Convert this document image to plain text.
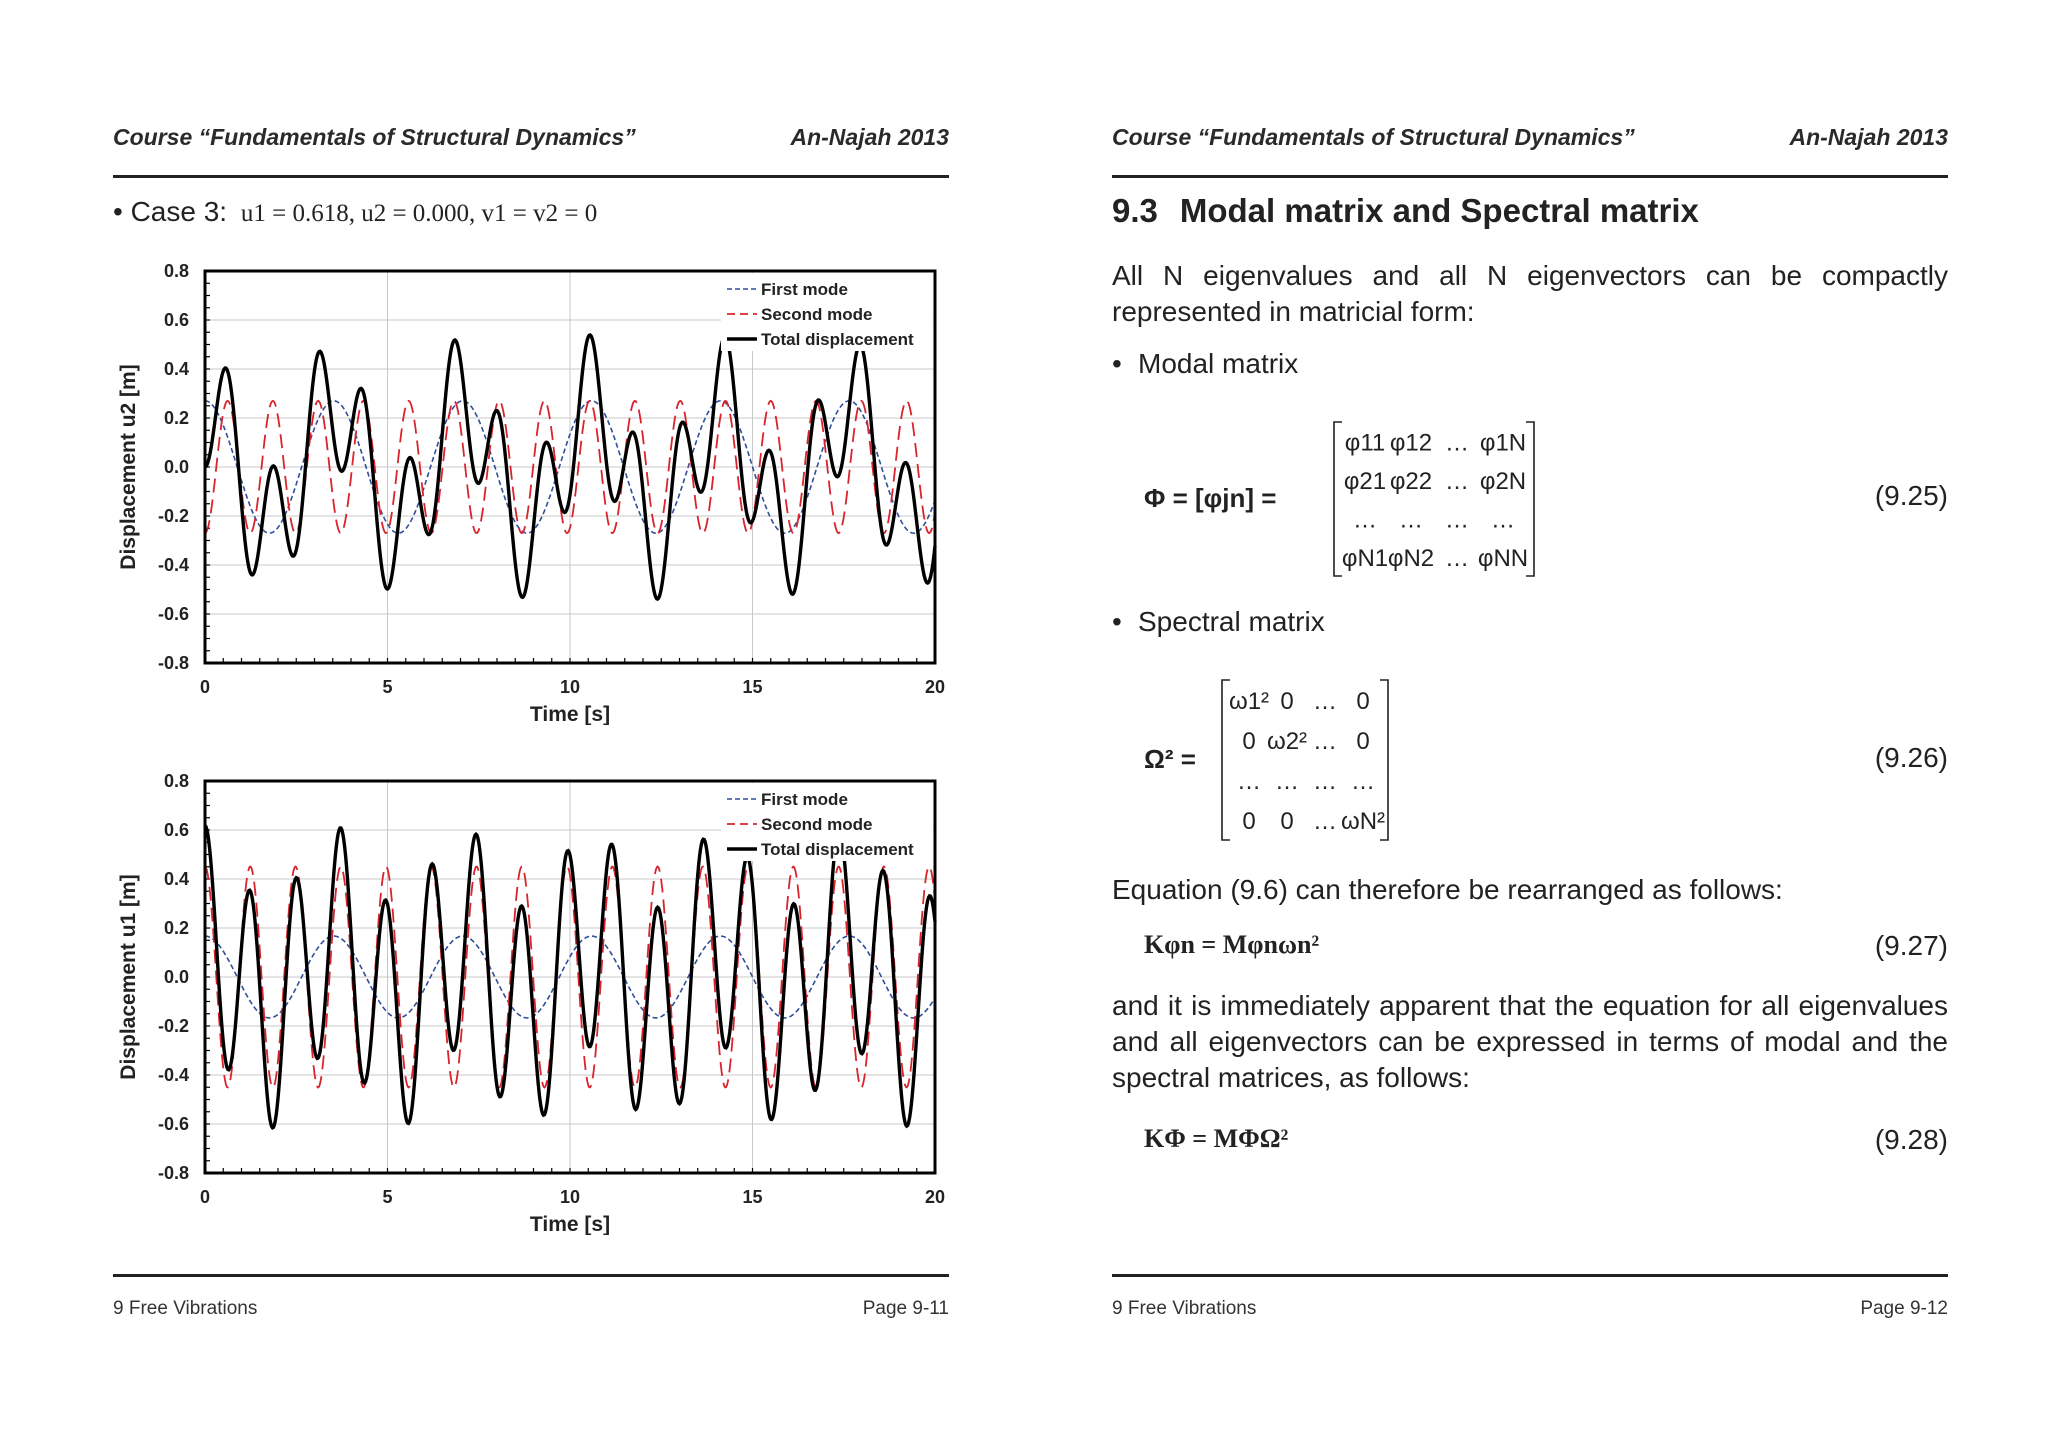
Course “Fundamentals of Structural Dynamics”	An-Najah 2013
• Case 3: u1 = 0.618, u2 = 0.000, v1 = v2 = 0
0	5	10	15	20
-0.8
-0.6
-0.4
-0.2
0.0
0.2
0.4
0.6
0.8
Time [s]
Displacement u2 [m]
First mode
Second mode
Total displacement
0	5	10	15	20
-0.8
-0.6
-0.4
-0.2
0.0
0.2
0.4
0.6
0.8
Time [s]
Displacement u1 [m]
First mode
Second mode
Total displacement
9 Free Vibrations	Page 9-11
Course “Fundamentals of Structural Dynamics”	An-Najah 2013
9.3 Modal matrix and Spectral matrix
All N eigenvalues and all N eigenvectors can be compactly represented in matricial form:
• Modal matrix
Φ = [φjn] =
φ11 φ12 … φ1N
φ21 φ22 … φ2N
… … … …
φN1 φN2 … φNN
(9.25)
• Spectral matrix
Ω² =
ω1² 0 … 0
0 ω2² … 0
… … … …
0 0 … ωN²
(9.26)
Equation (9.6) can therefore be rearranged as follows:
Kφn = Mφnωn²	(9.27)
and it is immediately apparent that the equation for all eigenvalues and all eigenvectors can be expressed in terms of modal and the spectral matrices, as follows:
KΦ = MΦΩ²	(9.28)
9 Free Vibrations	Page 9-12
